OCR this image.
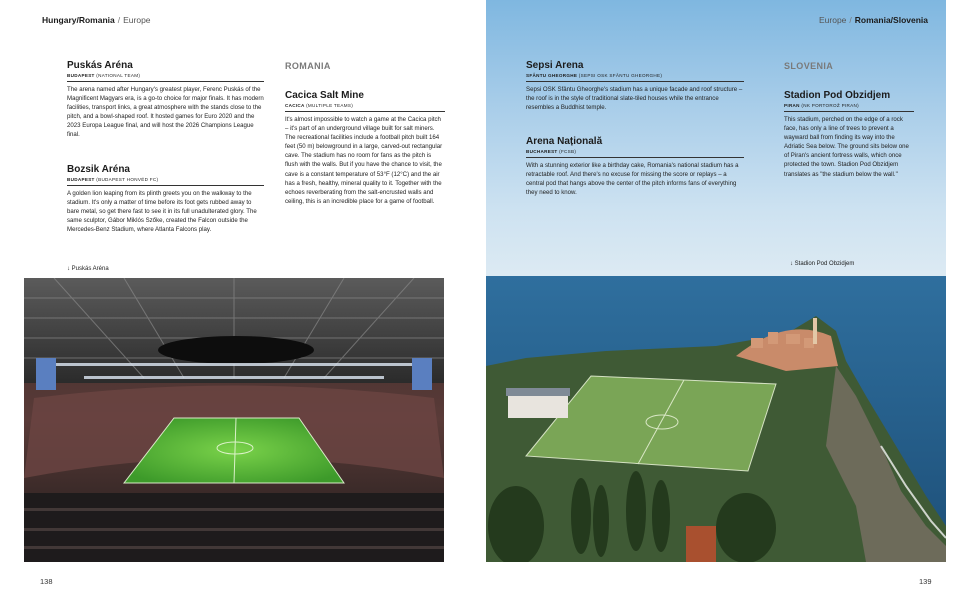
Hungary/Romania / Europe

Puskás Aréna

BUDAPEST (NATIONAL TEAM)

The arena named after Hungary's greatest player, Ferenc Puskás of the Magnificent Magyars era, is a go-to choice for major finals. It has modern facilities, transport links, a great atmosphere with the stands close to the pitch, and a bowl-shaped roof. It hosted games for Euro 2020 and the 2023 Europa League final, and will host the 2026 Champions League final.

Bozsik Aréna

BUDAPEST (BUDAPEST HONVÉD FC)

A golden lion leaping from its plinth greets you on the walkway to the stadium. It's only a matter of time before its foot gets rubbed away to bare metal, so get there fast to see it in its full unadulterated glory. The same sculptor, Gábor Miklós Szőke, created the Falcon outside the Mercedes-Benz Stadium, where Atlanta Falcons play.

ROMANIA

Cacica Salt Mine

CACICA (MULTIPLE TEAMS)

It's almost impossible to watch a game at the Cacica pitch – it's part of an underground village built for salt miners. The recreational facilities include a football pitch built 164 feet (50 m) belowground in a large, carved-out rectangular cave. The stadium has no room for fans as the pitch is flush with the walls. But if you have the chance to visit, the cave is a constant temperature of 53°F (12°C) and the air has a fresh, healthy, mineral quality to it. Together with the echoes reverberating from the salt-encrusted walls and ceiling, this is an incredible place for a game of football.

↓ Puskás Aréna
138
Europe / Romania/Slovenia

Sepsi Arena

SFÂNTU GHEORGHE (SEPSI OSK SFÂNTU GHEORGHE)

Sepsi OSK Sfântu Gheorghe's stadium has a unique facade and roof structure – the roof is in the style of traditional slate-tiled houses while the entrance resembles a Buddhist temple.

Arena Națională

BUCHAREST (FCSB)

With a stunning exterior like a birthday cake, Romania's national stadium has a retractable roof. And there's no excuse for missing the score or replays – a central pod that hangs above the center of the pitch informs fans of everything they need to know.

SLOVENIA

Stadion Pod Obzidjem

PIRAN (NK PORTOROŽ PIRAN)

This stadium, perched on the edge of a rock face, has only a line of trees to prevent a wayward ball from finding its way into the Adriatic Sea below. The ground sits below one of Piran's ancient fortress walls, which once protected the town. Stadion Pod Obzidjem translates as "the stadium below the wall."

↓ Stadion Pod Obzidjem
139
